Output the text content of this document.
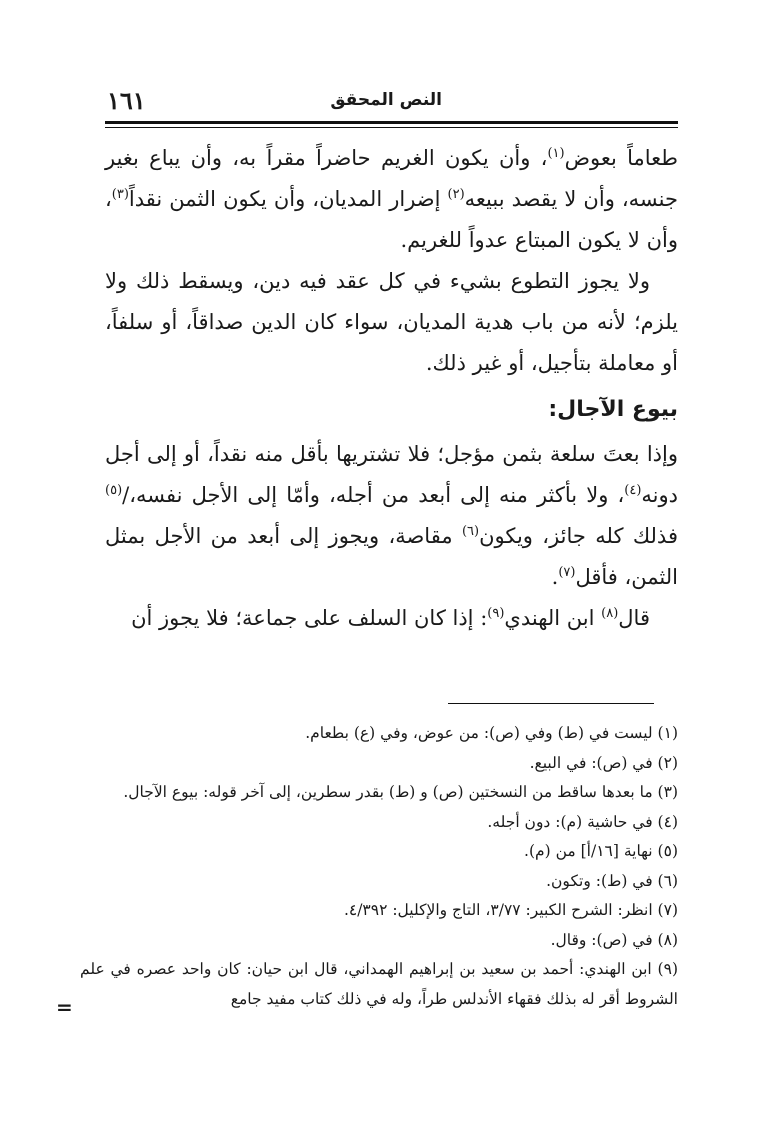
النص المحقق
١٦١

طعاماً بعوض$^{(١)}$، وأن يكون الغريم حاضراً مقراً به، وأن يباع بغير جنسه، وأن لا يقصد ببيعه$^{(٢)}$ إضرار المديان، وأن يكون الثمن نقداً$^{(٣)}$، وأن لا يكون المبتاع عدواً للغريم.

ولا يجوز التطوع بشيء في كل عقد فيه دين، ويسقط ذلك ولا يلزم؛ لأنه من باب هدية المديان، سواء كان الدين صداقاً، أو سلفاً، أو معاملة بتأجيل، أو غير ذلك.

بيوع الآجال:

وإذا بعتَ سلعة بثمن مؤجل؛ فلا تشتريها بأقل منه نقداً، أو إلى أجل دونه$^{(٤)}$، ولا بأكثر منه إلى أبعد من أجله، وأمّا إلى الأجل نفسه،/$^{(٥)}$ فذلك كله جائز، ويكون$^{(٦)}$ مقاصة، ويجوز إلى أبعد من الأجل بمثل الثمن، فأقل$^{(٧)}$.

قال$^{(٨)}$ ابن الهندي$^{(٩)}$: إذا كان السلف على جماعة؛ فلا يجوز أن

(١) ليست في (ط) وفي (ص): من عوض، وفي (ع) بطعام.
(٢) في (ص): في البيع.
(٣) ما بعدها ساقط من النسختين (ص) و (ط) بقدر سطرين، إلى آخر قوله: بيوع الآجال.
(٤) في حاشية (م): دون أجله.
(٥) نهاية [١٦/أ] من (م).
(٦) في (ط): وتكون.
(٧) انظر: الشرح الكبير: ٣/٧٧، التاج والإكليل: ٤/٣٩٢.
(٨) في (ص): وقال.
(٩) ابن الهندي: أحمد بن سعيد بن إبراهيم الهمداني، قال ابن حيان: كان واحد عصره في علم الشروط أقر له بذلك فقهاء الأندلس طراً، وله في ذلك كتاب مفيد جامع
=
